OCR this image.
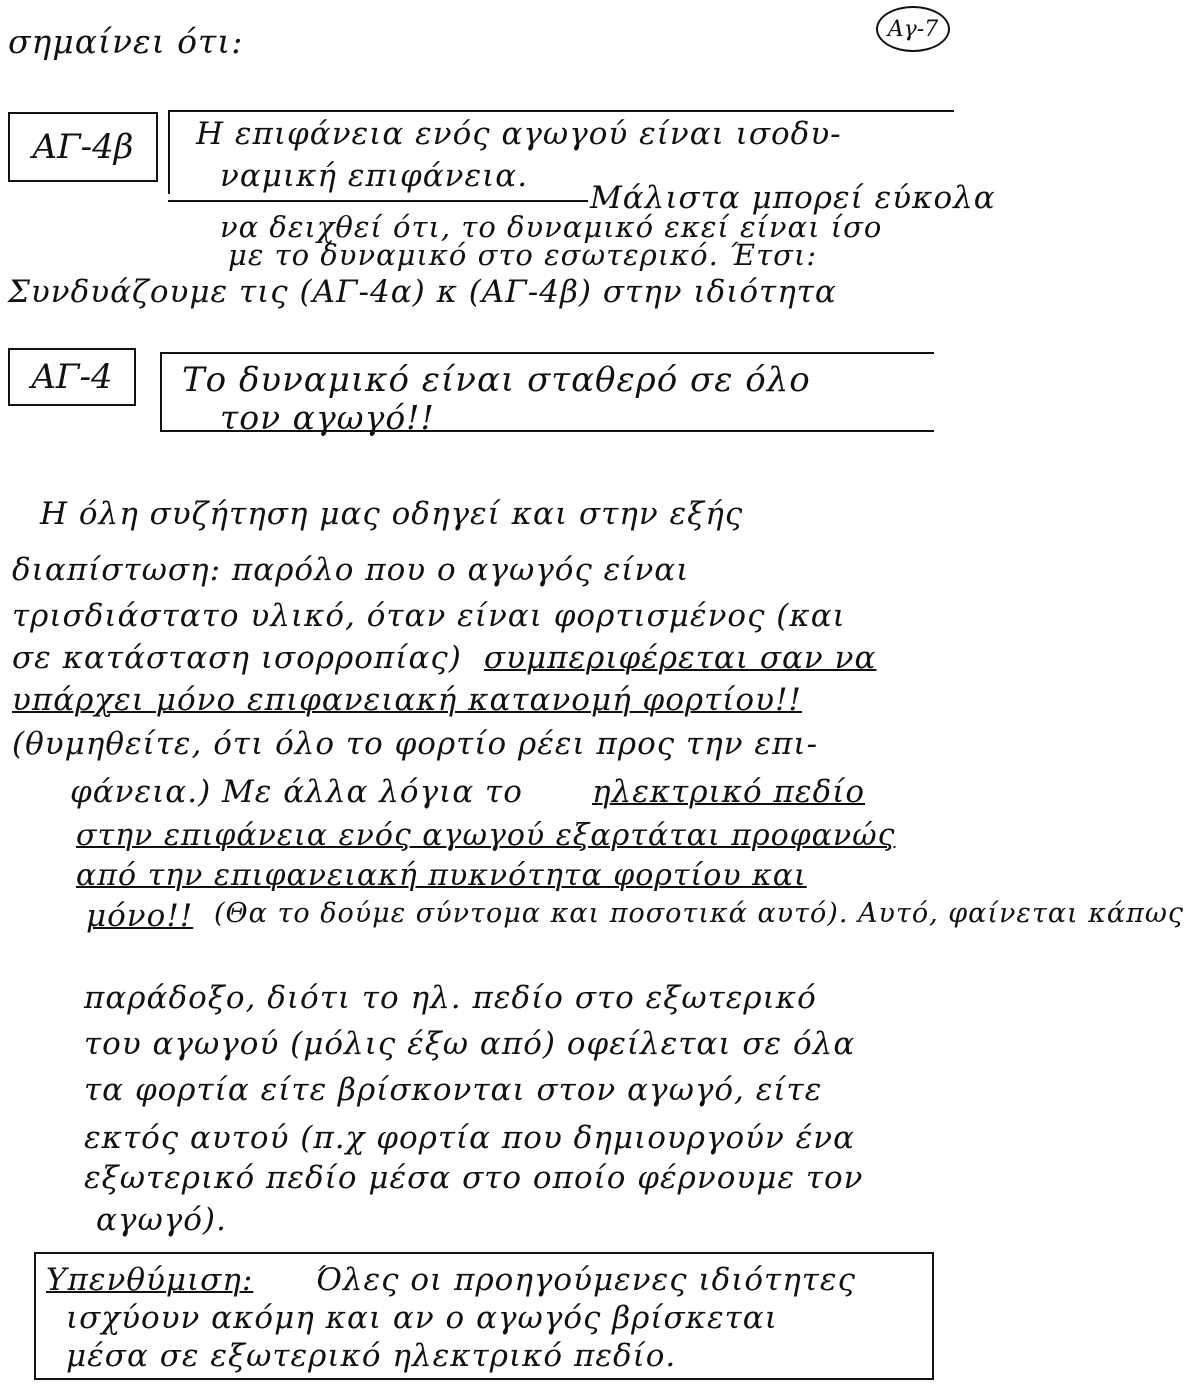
Αγ-7
σημαίνει ότι:
ΑΓ-4β	Η επιφάνεια ενός αγωγού είναι ισοδυ-
ναμική επιφάνεια.
Μάλιστα μπορεί εύκολα
να δειχθεί ότι, το δυναμικό εκεί είναι ίσο
με το δυναμικό στο εσωτερικό. Έτσι:
Συνδυάζουμε τις (ΑΓ-4α) κ (ΑΓ-4β) στην ιδιότητα
ΑΓ-4	Το δυναμικό είναι σταθερό σε όλο
τον αγωγό!!
Η όλη συζήτηση μας οδηγεί και στην εξής
διαπίστωση: παρόλο που ο αγωγός είναι
τρισδιάστατο υλικό, όταν είναι φορτισμένος (και
σε κατάσταση ισορροπίας) συμπεριφέρεται σαν να
υπάρχει μόνο επιφανειακή κατανομή φορτίου!!
(θυμηθείτε, ότι όλο το φορτίο ρέει προς την επι-
φάνεια.) Με άλλα λόγια το ηλεκτρικό πεδίο
στην επιφάνεια ενός αγωγού εξαρτάται προφανώς
από την επιφανειακή πυκνότητα φορτίου και
μόνο!! (Θα το δούμε σύντομα και ποσοτικά αυτό). Αυτό, φαίνεται κάπως
παράδοξο, διότι το ηλ. πεδίο στο εξωτερικό
του αγωγού (μόλις έξω από) οφείλεται σε όλα
τα φορτία είτε βρίσκονται στον αγωγό, είτε
εκτός αυτού (π.χ φορτία που δημιουργούν ένα
εξωτερικό πεδίο μέσα στο οποίο φέρνουμε τον
αγωγό).
Υπενθύμιση: Όλες οι προηγούμενες ιδιότητες
ισχύουν ακόμη και αν ο αγωγός βρίσκεται
μέσα σε εξωτερικό ηλεκτρικό πεδίο.
